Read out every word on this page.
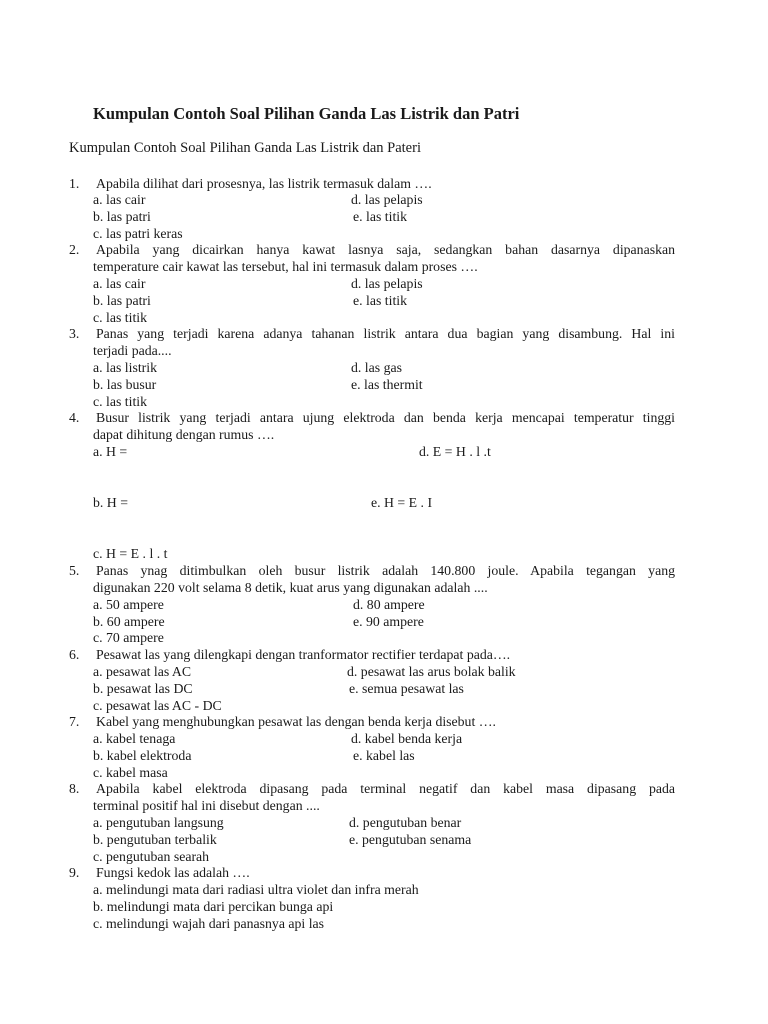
Kumpulan Contoh Soal Pilihan Ganda Las Listrik dan Patri

Kumpulan Contoh Soal Pilihan Ganda Las Listrik dan Pateri

1. Apabila dilihat dari prosesnya, las listrik termasuk dalam ….
a. las cair	d. las pelapis
b. las patri	e. las titik
c. las patri keras
2. Apabila yang dicairkan hanya kawat lasnya saja, sedangkan bahan dasarnya dipanaskan
temperature cair kawat las tersebut, hal ini termasuk dalam proses ….
a. las cair	d. las pelapis
b. las patri	e. las titik
c. las titik
3. Panas yang terjadi karena adanya tahanan listrik antara dua bagian yang disambung. Hal ini
terjadi pada....
a. las listrik	d. las gas
b. las busur	e. las thermit
c. las titik
4. Busur listrik yang terjadi antara ujung elektroda dan benda kerja mencapai temperatur tinggi
dapat dihitung dengan rumus ….
a. H =	d. E = H . l .t
b. H =	e. H = E . I
c. H = E . l . t
5. Panas ynag ditimbulkan oleh busur listrik adalah 140.800 joule. Apabila tegangan yang
digunakan 220 volt selama 8 detik, kuat arus yang digunakan adalah ....
a. 50 ampere	d. 80 ampere
b. 60 ampere	e. 90 ampere
c. 70 ampere
6. Pesawat las yang dilengkapi dengan tranformator rectifier terdapat pada….
a. pesawat las AC	d. pesawat las arus bolak balik
b. pesawat las DC	e. semua pesawat las
c. pesawat las AC - DC
7. Kabel yang menghubungkan pesawat las dengan benda kerja disebut ….
a. kabel tenaga	d. kabel benda kerja
b. kabel elektroda	e. kabel las
c. kabel masa
8. Apabila kabel elektroda dipasang pada terminal negatif dan kabel masa dipasang pada
terminal positif hal ini disebut dengan ....
a. pengutuban langsung	d. pengutuban benar
b. pengutuban terbalik	e. pengutuban senama
c. pengutuban searah
9. Fungsi kedok las adalah ….
a. melindungi mata dari radiasi ultra violet dan infra merah
b. melindungi mata dari percikan bunga api
c. melindungi wajah dari panasnya api las
